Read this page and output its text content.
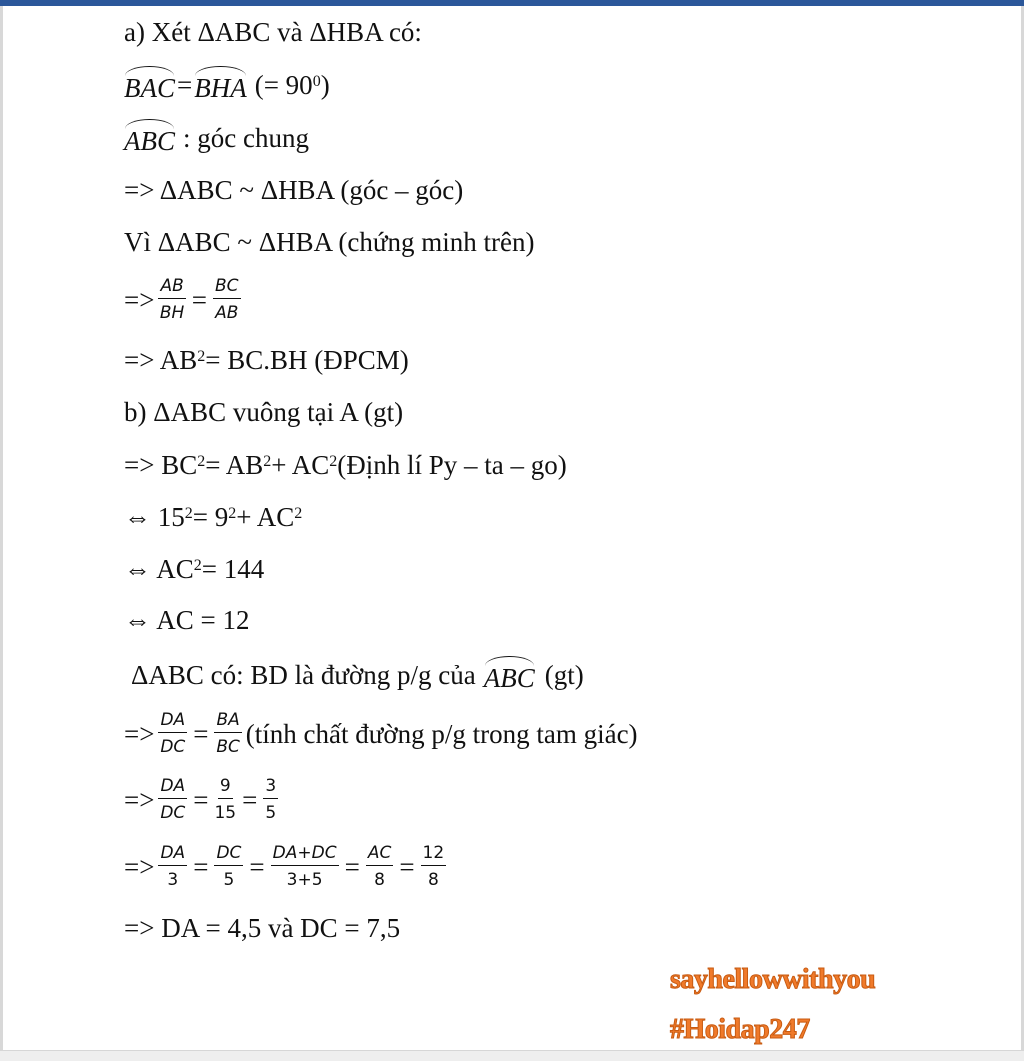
a) Xét ΔABC và ΔHBA có:
BAC = BHA (= $90^0$ )
ABC : góc chung
=> ΔABC ~ ΔHBA (góc – góc)
Vì ΔABC ~ ΔHBA (chứng minh trên)
=> $\frac{AB}{BH} = \frac{BC}{AB}$
=> $AB^2 = BC.BH$ (ĐPCM)
b) ΔABC vuông tại A (gt)
=> $BC^2 = AB^2 + AC^2$ (Định lí Py – ta – go)
⇔ $15^2 = 9^2 + AC^2$
⇔ $AC^2 = 144$
⇔ AC = 12
ΔABC có: BD là đường p/g của ABC (gt)
=> $\frac{DA}{DC} = \frac{BA}{BC}$ (tính chất đường p/g trong tam giác)
=> $\frac{DA}{DC} = \frac{9}{15} = \frac{3}{5}$
=> $\frac{DA}{3} = \frac{DC}{5} = \frac{DA+DC}{3+5} = \frac{AC}{8} = \frac{12}{8}$
=> DA = 4,5 và DC = 7,5
sayhellowwithyou
#Hoidap247
